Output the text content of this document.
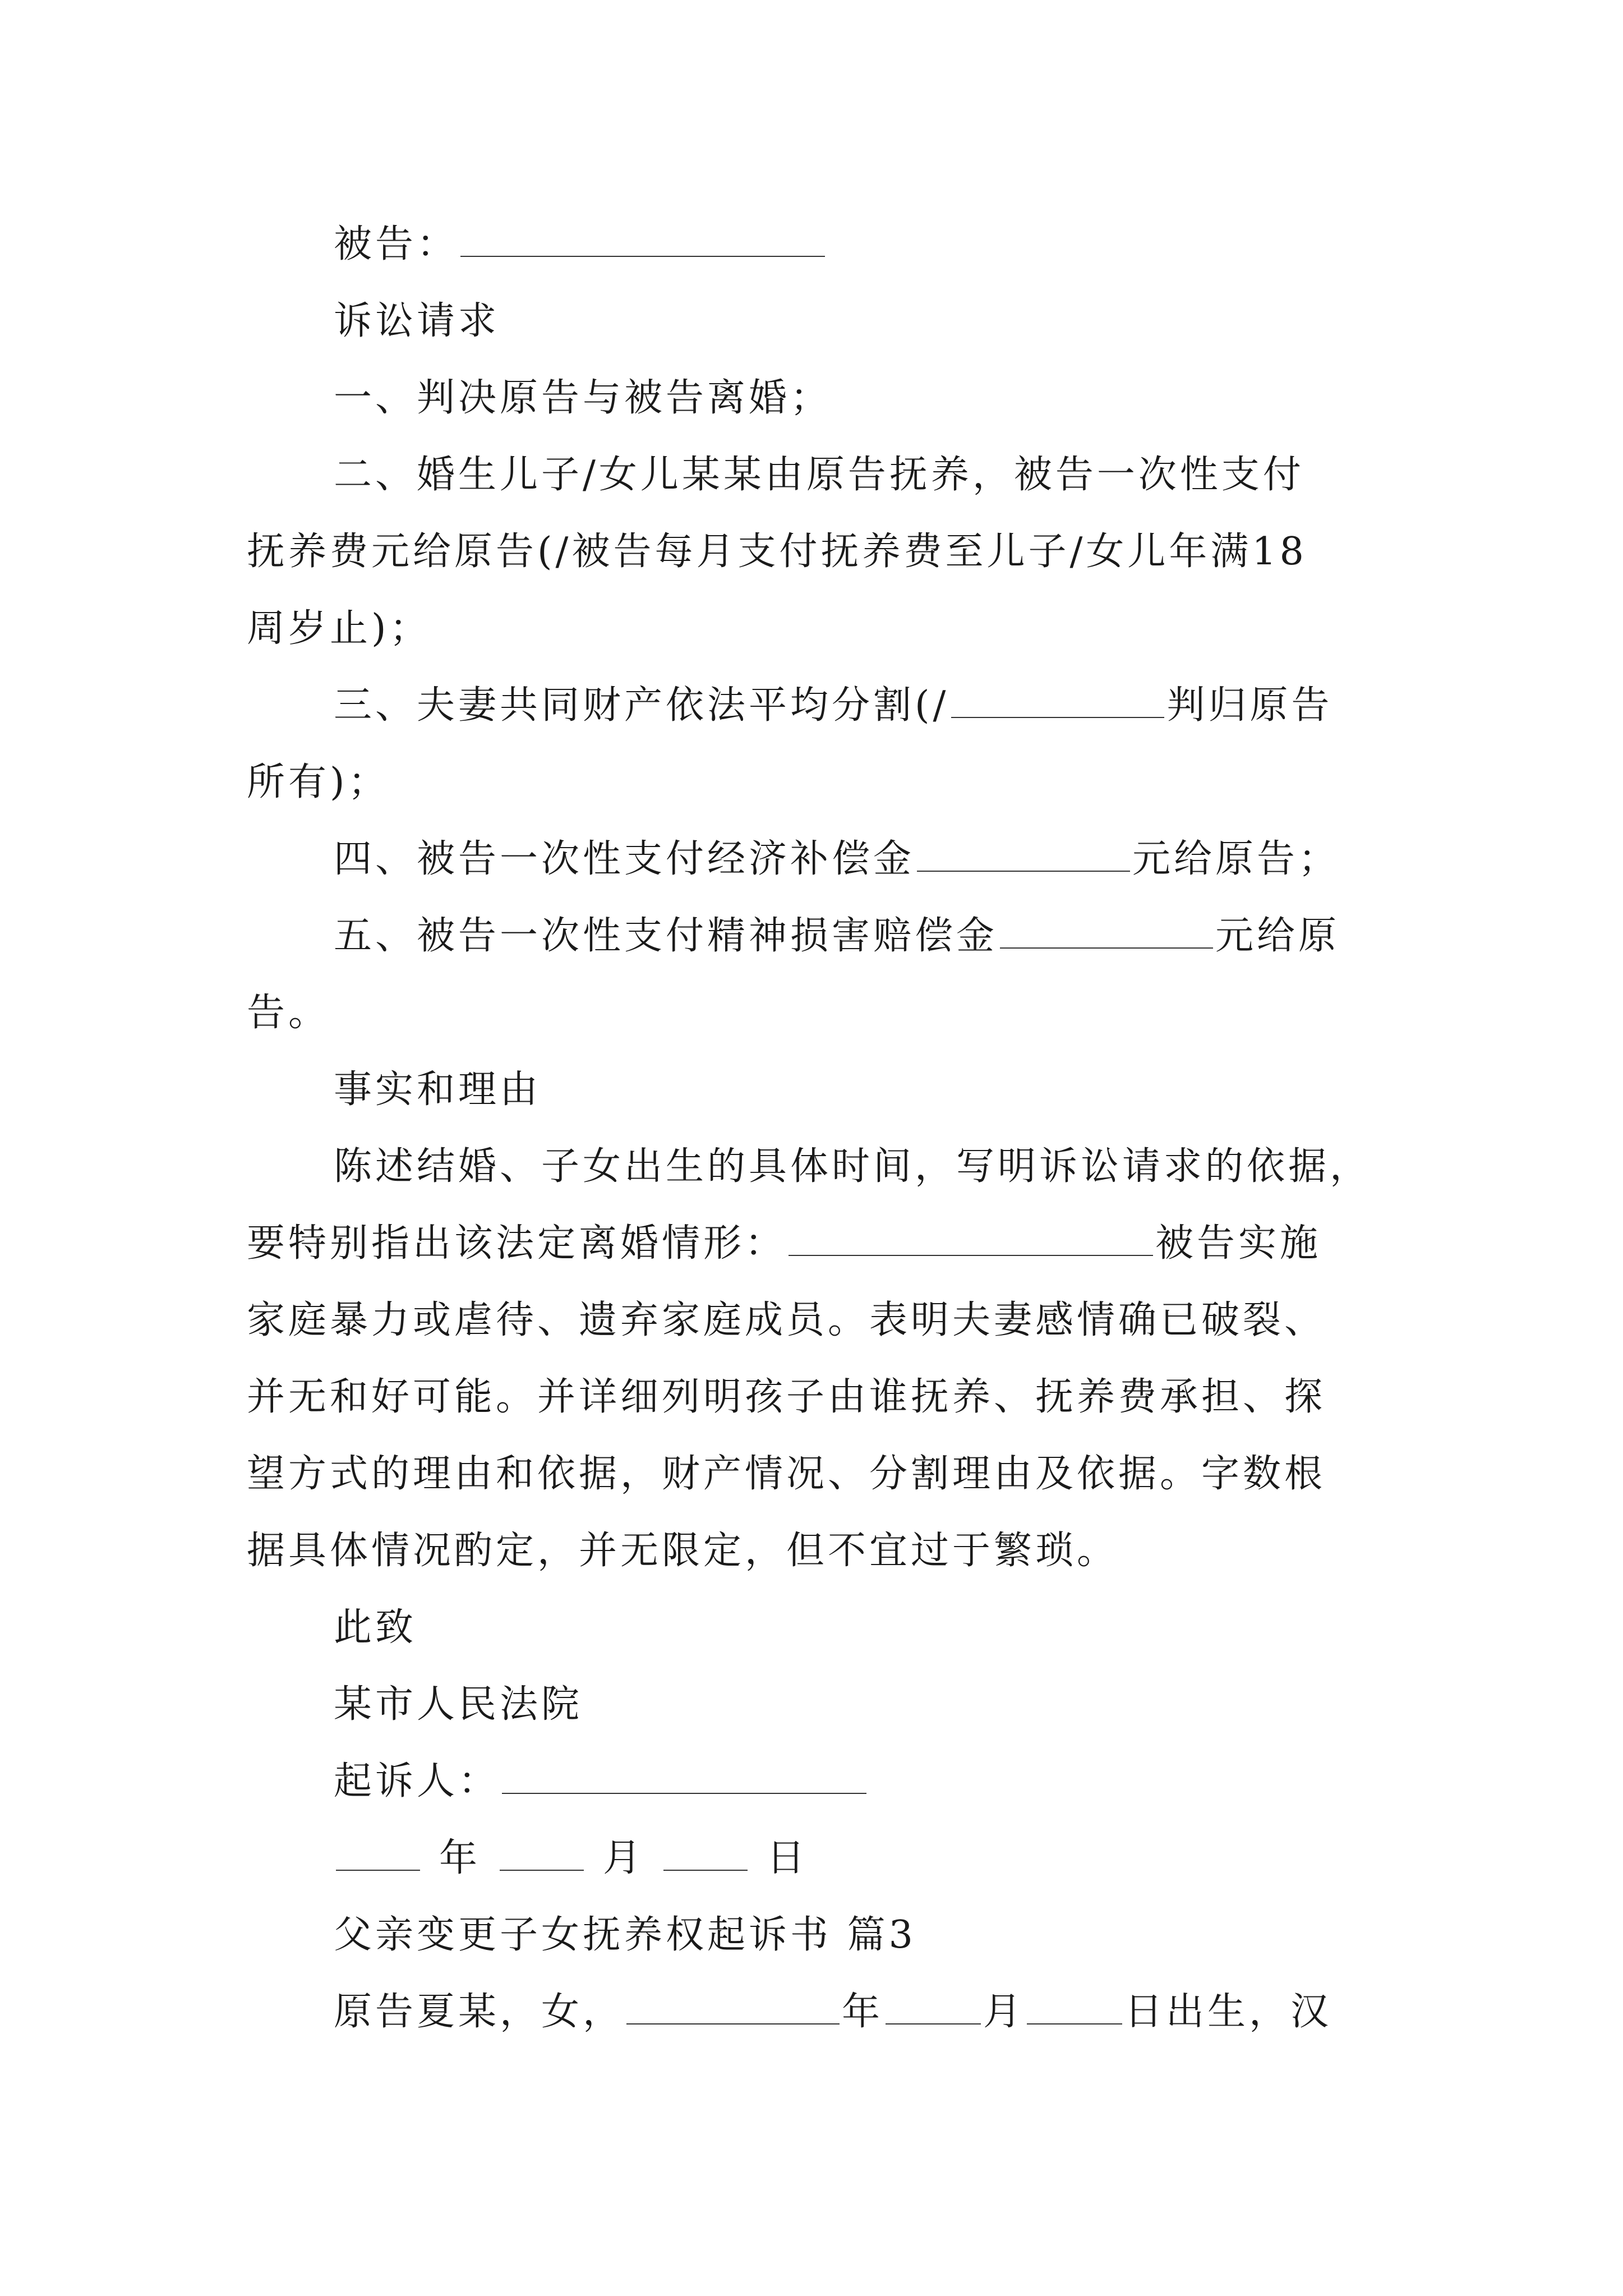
被告：
诉讼请求
一、判决原告与被告离婚；
二、婚生儿子/女儿某某由原告抚养，被告一次性支付
抚养费元给原告(/被告每月支付抚养费至儿子/女儿年满18
周岁止)；
三、夫妻共同财产依法平均分割(/	判归原告
所有)；
四、被告一次性支付经济补偿金	元给原告；
五、被告一次性支付精神损害赔偿金	元给原
告。
事实和理由
陈述结婚、子女出生的具体时间，写明诉讼请求的依据，
要特别指出该法定离婚情形：	被告实施
家庭暴力或虐待、遗弃家庭成员。表明夫妻感情确已破裂、
并无和好可能。并详细列明孩子由谁抚养、抚养费承担、探
望方式的理由和依据，财产情况、分割理由及依据。字数根
据具体情况酌定，并无限定，但不宜过于繁琐。
此致
某市人民法院
起诉人：
年	月	日
父亲变更子女抚养权起诉书 篇3
原告夏某，女，	年	月	日出生，汉
